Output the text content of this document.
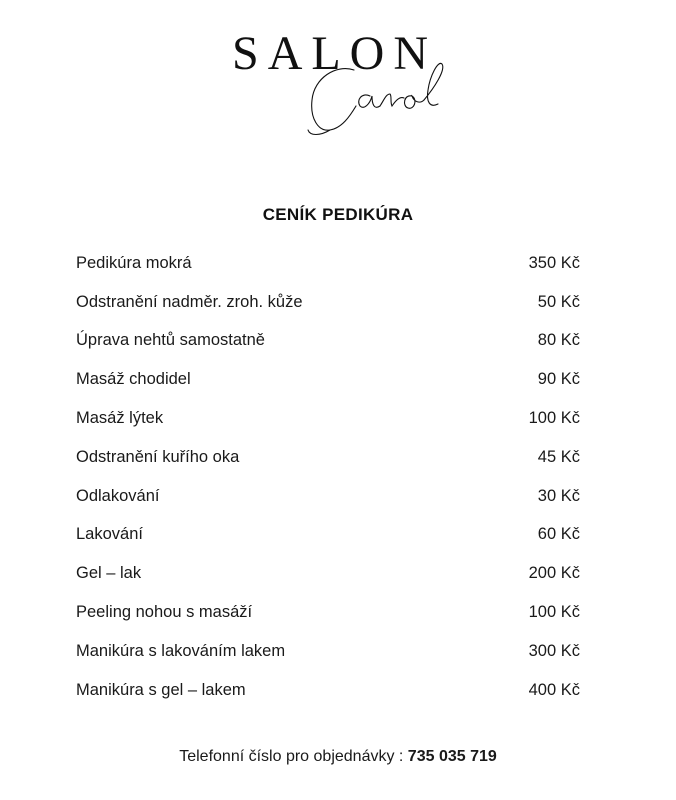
SALON
CENÍK PEDIKÚRA
Pedikúra mokrá	350 Kč
Odstranění nadměr. zroh. kůže	50 Kč
Úprava nehtů samostatně	80 Kč
Masáž chodidel	90 Kč
Masáž lýtek	100 Kč
Odstranění kuřího oka	45 Kč
Odlakování	30 Kč
Lakování	60 Kč
Gel – lak	200 Kč
Peeling nohou s masáží	100 Kč
Manikúra s lakováním lakem	300 Kč
Manikúra s gel – lakem	400 Kč
Telefonní číslo pro objednávky : 735 035 719
